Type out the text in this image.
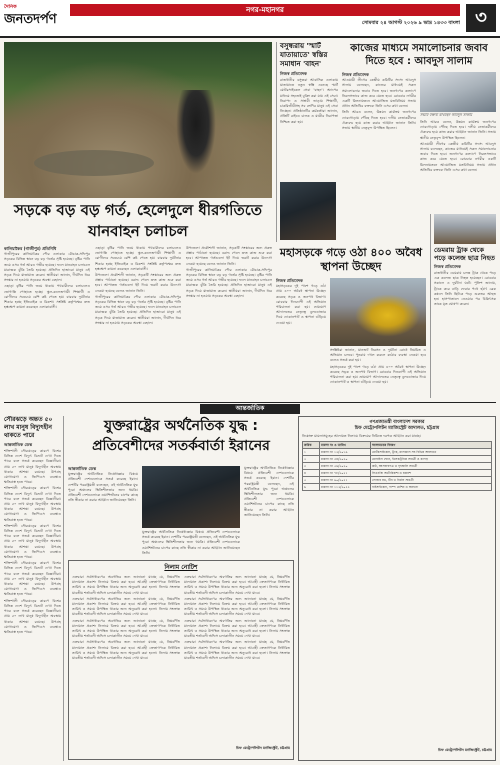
দৈনিক
জনতদর্পণ
নগর-মহানগর
সোমবার ২৪ আগস্ট ২০২৬ ৯ ভাদ্র ১৪৩৩ বাংলা ৩
সড়কে বড় বড় গর্ত, হেলেদুলে ধীরগতিতে যানবাহন চলাচল

কালিয়াকৈর (গাজীপুর) প্রতিনিধি

গাজীপুরের কালিয়াকৈর পৌর এলাকার মৌচাক-সফিপুর সড়কের বিভিন্ন স্থানে বড় বড় গর্তের সৃষ্টি হয়েছে। বৃষ্টির পানি জমে এসব গর্ত আরও গভীর হয়েছে। ফলে যানবাহন চলাচলে মারাত্মক ঝুঁকি তৈরি হয়েছে। প্রতিদিন হাজারো মানুষ এই সড়ক দিয়ে যাতায়াত করেন। স্থানীয়রা জানান, দীর্ঘদিন ধরে সংস্কার না হওয়ায় সড়কের অবস্থা বেহাল।

এছাড়া বৃষ্টির পানি জমে থাকায় পথচারীদের চলাচলেও ভোগান্তি পোহাতে হচ্ছে। স্কুল-কলেজগামী শিক্ষার্থী ও রোগীদের সবচেয়ে বেশি কষ্ট পেতে হয়। বারবার দুর্ঘটনার শিকার হচ্ছে ইজিবাইক ও রিকশা। সংশ্লিষ্ট কর্তৃপক্ষের দ্রুত হস্তক্ষেপ কামনা করেছেন এলাকাবাসী।

এছাড়া বৃষ্টির পানি জমে থাকায় পথচারীদের চলাচলেও ভোগান্তি পোহাতে হচ্ছে। স্কুল-কলেজগামী শিক্ষার্থী ও রোগীদের সবচেয়ে বেশি কষ্ট পেতে হয়। বারবার দুর্ঘটনার শিকার হচ্ছে ইজিবাইক ও রিকশা। সংশ্লিষ্ট কর্তৃপক্ষের দ্রুত হস্তক্ষেপ কামনা করেছেন এলাকাবাসী।

উপজেলা প্রকৌশলী জানান, সড়কটি সংস্কারের জন্য প্রকল্প প্রস্তাব পাঠানো হয়েছে। বরাদ্দ পেলে দ্রুত কাজ শুরু করা হবে। আপাতত গর্তগুলো ইট দিয়ে ভরাট করার উদ্যোগ নেওয়া হয়েছে বলেও জানান তিনি।

গাজীপুরের কালিয়াকৈর পৌর এলাকার মৌচাক-সফিপুর সড়কের বিভিন্ন স্থানে বড় বড় গর্তের সৃষ্টি হয়েছে। বৃষ্টির পানি জমে এসব গর্ত আরও গভীর হয়েছে। ফলে যানবাহন চলাচলে মারাত্মক ঝুঁকি তৈরি হয়েছে। প্রতিদিন হাজারো মানুষ এই সড়ক দিয়ে যাতায়াত করেন। স্থানীয়রা জানান, দীর্ঘদিন ধরে সংস্কার না হওয়ায় সড়কের অবস্থা বেহাল।

উপজেলা প্রকৌশলী জানান, সড়কটি সংস্কারের জন্য প্রকল্প প্রস্তাব পাঠানো হয়েছে। বরাদ্দ পেলে দ্রুত কাজ শুরু করা হবে। আপাতত গর্তগুলো ইট দিয়ে ভরাট করার উদ্যোগ নেওয়া হয়েছে বলেও জানান তিনি।

গাজীপুরের কালিয়াকৈর পৌর এলাকার মৌচাক-সফিপুর সড়কের বিভিন্ন স্থানে বড় বড় গর্তের সৃষ্টি হয়েছে। বৃষ্টির পানি জমে এসব গর্ত আরও গভীর হয়েছে। ফলে যানবাহন চলাচলে মারাত্মক ঝুঁকি তৈরি হয়েছে। প্রতিদিন হাজারো মানুষ এই সড়ক দিয়ে যাতায়াত করেন। স্থানীয়রা জানান, দীর্ঘদিন ধরে সংস্কার না হওয়ায় সড়কের অবস্থা বেহাল।

বসুন্ধরায় 'স্মার্ট যাতায়াতে' স্বস্তির সমাধান 'বাহন'
নিজস্ব প্রতিবেদক
রাজধানীর বসুন্ধরা আবাসিক এলাকায় যাতায়াতে নতুন স্বস্তি এনেছে স্মার্ট মোটরসাইকেল সেবা 'বাহন'। অ্যাপের মাধ্যমে সহজেই বুকিং করা যায় এই সেবা। নিরাপদ ও সাশ্রয়ী ভাড়ায় শিক্ষার্থী, চাকরিজীবীসহ সব শ্রেণির মানুষ এই সেবা নিচ্ছেন। প্রতিষ্ঠানটির কর্মকর্তারা জানান, প্রতিটি রাইডে চালক ও যাত্রীর নিরাপত্তা নিশ্চিত করা হয়।
কাজের মাধ্যমে সমালোচনার জবাব দিতে হবে : আবদুস সালাম

নিজস্ব প্রতিবেদক

আওয়ামী লীগের কেন্দ্রীয় কমিটির সদস্য আবদুস সালাম বলেছেন, কাজের মাধ্যমেই সকল সমালোচনার জবাব দিতে হবে। জনগণের কল্যাণে নিরলসভাবে কাজ করে যেতে হবে। রোববার নগরীর একটি মিলনায়তনে আয়োজিত মতবিনিময় সভায় প্রধান অতিথির বক্তব্যে তিনি এসব কথা বলেন।

তিনি আরও বলেন, উন্নয়ন কার্যক্রম জনগণের দোরগোড়ায় পৌঁছে দিতে হবে। দলীয় নেতাকর্মীদের ঐক্যবদ্ধ হয়ে কাজ করার আহ্বান জানান তিনি। সভায় স্থানীয় নেতৃবৃন্দ উপস্থিত ছিলেন।

সভায় বক্তব্য রাখছেন আবদুস সালাম

তিনি আরও বলেন, উন্নয়ন কার্যক্রম জনগণের দোরগোড়ায় পৌঁছে দিতে হবে। দলীয় নেতাকর্মীদের ঐক্যবদ্ধ হয়ে কাজ করার আহ্বান জানান তিনি। সভায় স্থানীয় নেতৃবৃন্দ উপস্থিত ছিলেন।

আওয়ামী লীগের কেন্দ্রীয় কমিটির সদস্য আবদুস সালাম বলেছেন, কাজের মাধ্যমেই সকল সমালোচনার জবাব দিতে হবে। জনগণের কল্যাণে নিরলসভাবে কাজ করে যেতে হবে। রোববার নগরীর একটি মিলনায়তনে আয়োজিত মতবিনিময় সভায় প্রধান অতিথির বক্তব্যে তিনি এসব কথা বলেন।

মহাসড়কে গড়ে ওঠা ৪০০ অবৈধ স্থাপনা উচ্ছেদ

নিজস্ব প্রতিবেদক

মহাসড়কের দুই পাশে গড়ে ওঠা প্রায় ৪০০ অবৈধ স্থাপনা উচ্ছেদ করেছে সড়ক ও জনপথ বিভাগ। রোববার দিনব্যাপী এই অভিযান পরিচালনা করা হয়। ভ্রাম্যমাণ আদালতের নেতৃত্বে বুলডোজার দিয়ে দোকানপাট ও স্থাপনা গুঁড়িয়ে দেওয়া হয়।

সংশ্লিষ্টরা জানান, যানজট নিরসন ও দুর্ঘটনা রোধে নিয়মিত এ অভিযান চলবে। পুনরায় দখল করলে কঠোর ব্যবস্থা নেওয়া হবে বলেও সতর্ক করা হয়।

মহাসড়কের দুই পাশে গড়ে ওঠা প্রায় ৪০০ অবৈধ স্থাপনা উচ্ছেদ করেছে সড়ক ও জনপথ বিভাগ। রোববার দিনব্যাপী এই অভিযান পরিচালনা করা হয়। ভ্রাম্যমাণ আদালতের নেতৃত্বে বুলডোজার দিয়ে দোকানপাট ও স্থাপনা গুঁড়িয়ে দেওয়া হয়।

ডেমরায় ট্রাক থেকে পড়ে কলেজ ছাত্র নিহত
নিজস্ব প্রতিবেদক
রাজধানীর ডেমরায় চলন্ত ট্রাক থেকে পড়ে এক কলেজ ছাত্র নিহত হয়েছেন। রোববার সকালে এ দুর্ঘটনা ঘটে। পুলিশ জানায়, ট্রাকে করে বাড়ি ফেরার পথে হঠাৎ ব্রেক কষলে তিনি ছিটকে পড়ে গুরুতর আহত হন। হাসপাতালে নেওয়ার পর চিকিৎসক তাকে মৃত ঘোষণা করেন।
আন্তর্জাতিক
সৌরঝড়ে অন্তত ৫০ লাখ মানুষ বিদ্যুৎহীন থাকতে পারে
আন্তর্জাতিক ডেস্ক

শক্তিশালী সৌরঝড়ের কারণে বিশ্বের বিভিন্ন দেশে বিদ্যুৎ বিভ্রাট দেখা দিতে পারে বলে সতর্ক করেছেন বিজ্ঞানীরা। প্রায় ৫০ লাখ মানুষ বিদ্যুৎহীন অবস্থায় থাকার আশঙ্কা রয়েছে। উপগ্রহ যোগাযোগ ও জিপিএস ব্যবস্থাও ক্ষতিগ্রস্ত হতে পারে।

শক্তিশালী সৌরঝড়ের কারণে বিশ্বের বিভিন্ন দেশে বিদ্যুৎ বিভ্রাট দেখা দিতে পারে বলে সতর্ক করেছেন বিজ্ঞানীরা। প্রায় ৫০ লাখ মানুষ বিদ্যুৎহীন অবস্থায় থাকার আশঙ্কা রয়েছে। উপগ্রহ যোগাযোগ ও জিপিএস ব্যবস্থাও ক্ষতিগ্রস্ত হতে পারে।

শক্তিশালী সৌরঝড়ের কারণে বিশ্বের বিভিন্ন দেশে বিদ্যুৎ বিভ্রাট দেখা দিতে পারে বলে সতর্ক করেছেন বিজ্ঞানীরা। প্রায় ৫০ লাখ মানুষ বিদ্যুৎহীন অবস্থায় থাকার আশঙ্কা রয়েছে। উপগ্রহ যোগাযোগ ও জিপিএস ব্যবস্থাও ক্ষতিগ্রস্ত হতে পারে।

শক্তিশালী সৌরঝড়ের কারণে বিশ্বের বিভিন্ন দেশে বিদ্যুৎ বিভ্রাট দেখা দিতে পারে বলে সতর্ক করেছেন বিজ্ঞানীরা। প্রায় ৫০ লাখ মানুষ বিদ্যুৎহীন অবস্থায় থাকার আশঙ্কা রয়েছে। উপগ্রহ যোগাযোগ ও জিপিএস ব্যবস্থাও ক্ষতিগ্রস্ত হতে পারে।

শক্তিশালী সৌরঝড়ের কারণে বিশ্বের বিভিন্ন দেশে বিদ্যুৎ বিভ্রাট দেখা দিতে পারে বলে সতর্ক করেছেন বিজ্ঞানীরা। প্রায় ৫০ লাখ মানুষ বিদ্যুৎহীন অবস্থায় থাকার আশঙ্কা রয়েছে। উপগ্রহ যোগাযোগ ও জিপিএস ব্যবস্থাও ক্ষতিগ্রস্ত হতে পারে।

যুক্তরাষ্ট্রের অর্থনৈতিক যুদ্ধ : প্রতিবেশীদের সতর্কবার্তা ইরানের

আন্তর্জাতিক ডেস্ক

যুক্তরাষ্ট্রের অর্থনৈতিক নিষেধাজ্ঞার বিষয়ে প্রতিবেশী দেশগুলোকে সতর্ক করেছে ইরান। দেশটির পররাষ্ট্রমন্ত্রী বলেছেন, এই অর্থনৈতিক যুদ্ধ পুরো অঞ্চলের স্থিতিশীলতার জন্য হুমকি। প্রতিবেশী দেশগুলোকে ওয়াশিংটনের চাপের কাছে নতি স্বীকার না করার আহ্বান জানিয়েছেন তিনি।

যুক্তরাষ্ট্রের অর্থনৈতিক নিষেধাজ্ঞার বিষয়ে প্রতিবেশী দেশগুলোকে সতর্ক করেছে ইরান। দেশটির পররাষ্ট্রমন্ত্রী বলেছেন, এই অর্থনৈতিক যুদ্ধ পুরো অঞ্চলের স্থিতিশীলতার জন্য হুমকি। প্রতিবেশী দেশগুলোকে ওয়াশিংটনের চাপের কাছে নতি স্বীকার না করার আহ্বান জানিয়েছেন তিনি।

যুক্তরাষ্ট্রের অর্থনৈতিক নিষেধাজ্ঞার বিষয়ে প্রতিবেশী দেশগুলোকে সতর্ক করেছে ইরান। দেশটির পররাষ্ট্রমন্ত্রী বলেছেন, এই অর্থনৈতিক যুদ্ধ পুরো অঞ্চলের স্থিতিশীলতার জন্য হুমকি। প্রতিবেশী দেশগুলোকে ওয়াশিংটনের চাপের কাছে নতি স্বীকার না করার আহ্বান জানিয়েছেন তিনি।

নিলাম নোটিশ

এতদ্বারা সর্বসাধারণের অবগতির জন্য জানানো যাচ্ছে যে, নিম্নবর্ণিত মালামাল প্রকাশ্য নিলামে বিক্রয় করা হবে। আগ্রহী ক্রেতাগণকে নির্ধারিত তারিখ ও সময়ে উপস্থিত থাকার জন্য অনুরোধ করা হলো। নিলাম সংক্রান্ত যাবতীয় শর্তাবলী অফিস চলাকালীন সময়ে দেখা যাবে।

এতদ্বারা সর্বসাধারণের অবগতির জন্য জানানো যাচ্ছে যে, নিম্নবর্ণিত মালামাল প্রকাশ্য নিলামে বিক্রয় করা হবে। আগ্রহী ক্রেতাগণকে নির্ধারিত তারিখ ও সময়ে উপস্থিত থাকার জন্য অনুরোধ করা হলো। নিলাম সংক্রান্ত যাবতীয় শর্তাবলী অফিস চলাকালীন সময়ে দেখা যাবে।

এতদ্বারা সর্বসাধারণের অবগতির জন্য জানানো যাচ্ছে যে, নিম্নবর্ণিত মালামাল প্রকাশ্য নিলামে বিক্রয় করা হবে। আগ্রহী ক্রেতাগণকে নির্ধারিত তারিখ ও সময়ে উপস্থিত থাকার জন্য অনুরোধ করা হলো। নিলাম সংক্রান্ত যাবতীয় শর্তাবলী অফিস চলাকালীন সময়ে দেখা যাবে।

এতদ্বারা সর্বসাধারণের অবগতির জন্য জানানো যাচ্ছে যে, নিম্নবর্ণিত মালামাল প্রকাশ্য নিলামে বিক্রয় করা হবে। আগ্রহী ক্রেতাগণকে নির্ধারিত তারিখ ও সময়ে উপস্থিত থাকার জন্য অনুরোধ করা হলো। নিলাম সংক্রান্ত যাবতীয় শর্তাবলী অফিস চলাকালীন সময়ে দেখা যাবে।

এতদ্বারা সর্বসাধারণের অবগতির জন্য জানানো যাচ্ছে যে, নিম্নবর্ণিত মালামাল প্রকাশ্য নিলামে বিক্রয় করা হবে। আগ্রহী ক্রেতাগণকে নির্ধারিত তারিখ ও সময়ে উপস্থিত থাকার জন্য অনুরোধ করা হলো। নিলাম সংক্রান্ত যাবতীয় শর্তাবলী অফিস চলাকালীন সময়ে দেখা যাবে।

এতদ্বারা সর্বসাধারণের অবগতির জন্য জানানো যাচ্ছে যে, নিম্নবর্ণিত মালামাল প্রকাশ্য নিলামে বিক্রয় করা হবে। আগ্রহী ক্রেতাগণকে নির্ধারিত তারিখ ও সময়ে উপস্থিত থাকার জন্য অনুরোধ করা হলো। নিলাম সংক্রান্ত যাবতীয় শর্তাবলী অফিস চলাকালীন সময়ে দেখা যাবে।

এতদ্বারা সর্বসাধারণের অবগতির জন্য জানানো যাচ্ছে যে, নিম্নবর্ণিত মালামাল প্রকাশ্য নিলামে বিক্রয় করা হবে। আগ্রহী ক্রেতাগণকে নির্ধারিত তারিখ ও সময়ে উপস্থিত থাকার জন্য অনুরোধ করা হলো। নিলাম সংক্রান্ত যাবতীয় শর্তাবলী অফিস চলাকালীন সময়ে দেখা যাবে।

এতদ্বারা সর্বসাধারণের অবগতির জন্য জানানো যাচ্ছে যে, নিম্নবর্ণিত মালামাল প্রকাশ্য নিলামে বিক্রয় করা হবে। আগ্রহী ক্রেতাগণকে নির্ধারিত তারিখ ও সময়ে উপস্থিত থাকার জন্য অনুরোধ করা হলো। নিলাম সংক্রান্ত যাবতীয় শর্তাবলী অফিস চলাকালীন সময়ে দেখা যাবে।

চিফ মেট্রোপলিটন ম্যাজিস্ট্রেট, চট্টগ্রাম
গণপ্রজাতন্ত্রী বাংলাদেশ সরকার
চিফ মেট্রোপলিটন ম্যাজিস্ট্রেট আদালত, চট্টগ্রাম
নিম্নোক্ত মামলাসমূহের আলামত নিলামে বিক্রয়ের নিমিত্তে দরপত্র আহ্বান করা যাচ্ছে।
ক্রমিক	মামলা নং ও তারিখ	আলামতের বিবরণ
১	মামলা নং ১২/২০১৯	মোটরসাইকেল, ট্রাক, মালামাল সহ বিভিন্ন আলামত
২	মামলা নং ৩৪/২০২০	মোবাইল ফোন, ইলেকট্রনিক সামগ্রী ও কাপড়
৩	মামলা নং ৫৬/২০২০	কাঠ, আসবাবপত্র ও গৃহস্থালি সামগ্রী
৪	মামলা নং ৭৮/২০২১	সিএনজি অটোরিকশা ও যন্ত্রাংশ
৫	মামলা নং ৯০/২০২১	লোহার রড, টিন ও নির্মাণ সামগ্রী
৬	মামলা নং ১১২/২০২২	বাইসাইকেল, পাম্প মেশিন ও অন্যান্য
চিফ মেট্রোপলিটন ম্যাজিস্ট্রেট, চট্টগ্রাম
